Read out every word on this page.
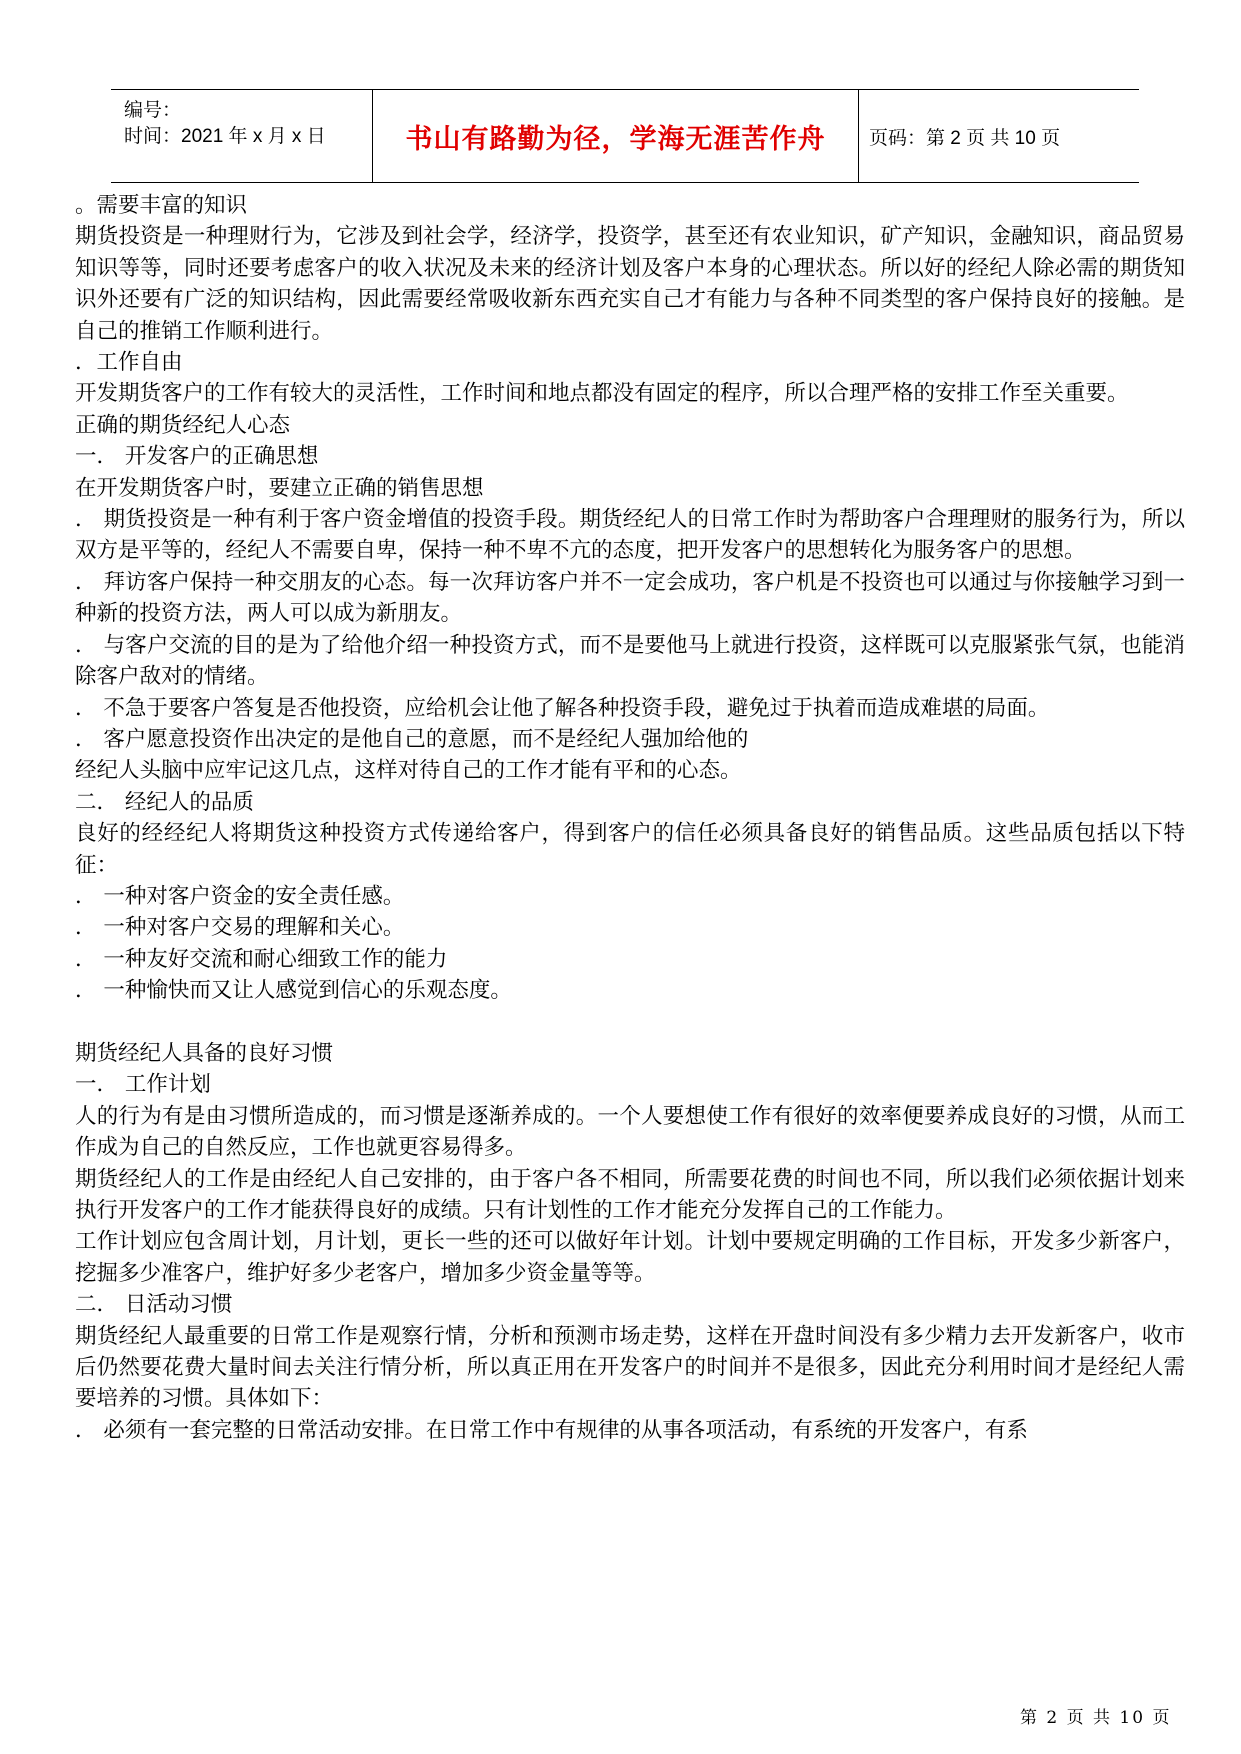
编号：
时间：2021 年 x 月 x 日	书山有路勤为径，学海无涯苦作舟 页码：第 2 页 共 10 页

。需要丰富的知识

期货投资是一种理财行为，它涉及到社会学，经济学，投资学，甚至还有农业知识，矿产知识，金融知识，商品贸易知识等等，同时还要考虑客户的收入状况及未来的经济计划及客户本身的心理状态。所以好的经纪人除必需的期货知识外还要有广泛的知识结构，因此需要经常吸收新东西充实自己才有能力与各种不同类型的客户保持良好的接触。是自己的推销工作顺利进行。

．工作自由

开发期货客户的工作有较大的灵活性，工作时间和地点都没有固定的程序，所以合理严格的安排工作至关重要。

正确的期货经纪人心态

一． 开发客户的正确思想

在开发期货客户时，要建立正确的销售思想

． 期货投资是一种有利于客户资金增值的投资手段。期货经纪人的日常工作时为帮助客户合理理财的服务行为，所以双方是平等的，经纪人不需要自卑，保持一种不卑不亢的态度，把开发客户的思想转化为服务客户的思想。

． 拜访客户保持一种交朋友的心态。每一次拜访客户并不一定会成功，客户机是不投资也可以通过与你接触学习到一种新的投资方法，两人可以成为新朋友。

． 与客户交流的目的是为了给他介绍一种投资方式，而不是要他马上就进行投资，这样既可以克服紧张气氛，也能消除客户敌对的情绪。

． 不急于要客户答复是否他投资，应给机会让他了解各种投资手段，避免过于执着而造成难堪的局面。

． 客户愿意投资作出决定的是他自己的意愿，而不是经纪人强加给他的

经纪人头脑中应牢记这几点，这样对待自己的工作才能有平和的心态。

二． 经纪人的品质

良好的经经纪人将期货这种投资方式传递给客户，得到客户的信任必须具备良好的销售品质。这些品质包括以下特征：

． 一种对客户资金的安全责任感。

． 一种对客户交易的理解和关心。

． 一种友好交流和耐心细致工作的能力

． 一种愉快而又让人感觉到信心的乐观态度。

期货经纪人具备的良好习惯

一． 工作计划

人的行为有是由习惯所造成的，而习惯是逐渐养成的。一个人要想使工作有很好的效率便要养成良好的习惯，从而工作成为自己的自然反应，工作也就更容易得多。

期货经纪人的工作是由经纪人自己安排的，由于客户各不相同，所需要花费的时间也不同，所以我们必须依据计划来执行开发客户的工作才能获得良好的成绩。只有计划性的工作才能充分发挥自己的工作能力。

工作计划应包含周计划，月计划，更长一些的还可以做好年计划。计划中要规定明确的工作目标，开发多少新客户，挖掘多少准客户，维护好多少老客户，增加多少资金量等等。

二． 日活动习惯

期货经纪人最重要的日常工作是观察行情，分析和预测市场走势，这样在开盘时间没有多少精力去开发新客户，收市后仍然要花费大量时间去关注行情分析，所以真正用在开发客户的时间并不是很多，因此充分利用时间才是经纪人需要培养的习惯。具体如下：

． 必须有一套完整的日常活动安排。在日常工作中有规律的从事各项活动，有系统的开发客户，有系

第 2 页 共 10 页
